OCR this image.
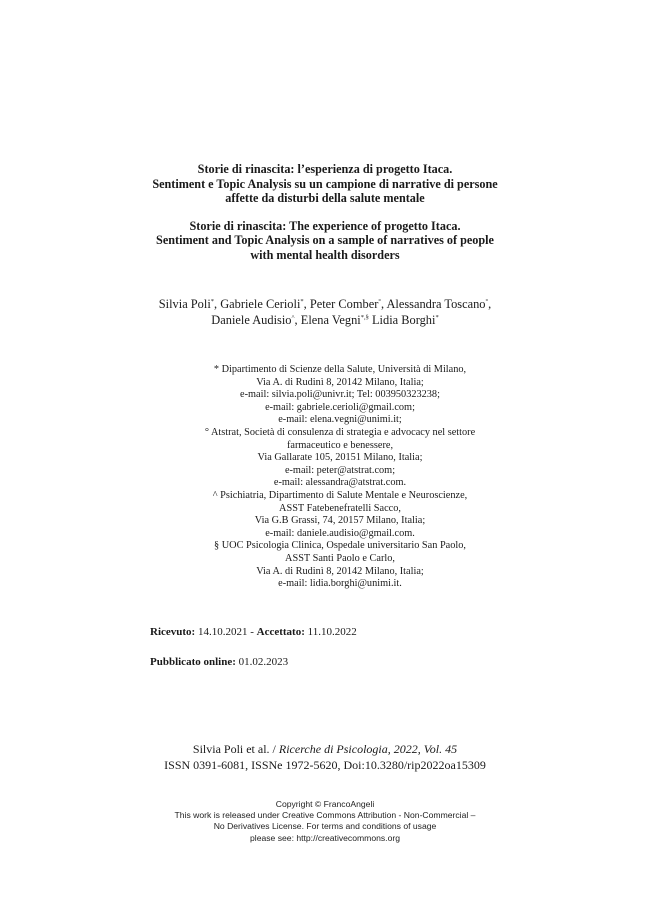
Storie di rinascita: l’esperienza di progetto Itaca.

Sentiment e Topic Analysis su un campione di narrative di persone

affette da disturbi della salute mentale

Storie di rinascita: The experience of progetto Itaca.

Sentiment and Topic Analysis on a sample of narratives of people

with mental health disorders

Silvia Poli*, Gabriele Cerioli*, Peter Comber°, Alessandra Toscano°,
Daniele Audisio^, Elena Vegni*,§ Lidia Borghi*
* Dipartimento di Scienze della Salute, Università di Milano,
Via A. di Rudinì 8, 20142 Milano, Italia;
e-mail: silvia.poli@univr.it; Tel: 003950323238;
e-mail: gabriele.cerioli@gmail.com;
e-mail: elena.vegni@unimi.it;
° Atstrat, Società di consulenza di strategia e advocacy nel settore
farmaceutico e benessere,
Via Gallarate 105, 20151 Milano, Italia;
e-mail: peter@atstrat.com;
e-mail: alessandra@atstrat.com.
^ Psichiatria, Dipartimento di Salute Mentale e Neuroscienze,
ASST Fatebenefratelli Sacco,
Via G.B Grassi, 74, 20157 Milano, Italia;
e-mail: daniele.audisio@gmail.com.
§ UOC Psicologia Clinica, Ospedale universitario San Paolo,
ASST Santi Paolo e Carlo,
Via A. di Rudinì 8, 20142 Milano, Italia;
e-mail: lidia.borghi@unimi.it.
Ricevuto: 14.10.2021 - Accettato: 11.10.2022
Pubblicato online: 01.02.2023
Silvia Poli et al. / Ricerche di Psicologia, 2022, Vol. 45
ISSN 0391-6081, ISSNe 1972-5620, Doi:10.3280/rip2022oa15309
Copyright © FrancoAngeli
This work is released under Creative Commons Attribution - Non-Commercial –
No Derivatives License. For terms and conditions of usage
please see: http://creativecommons.org
